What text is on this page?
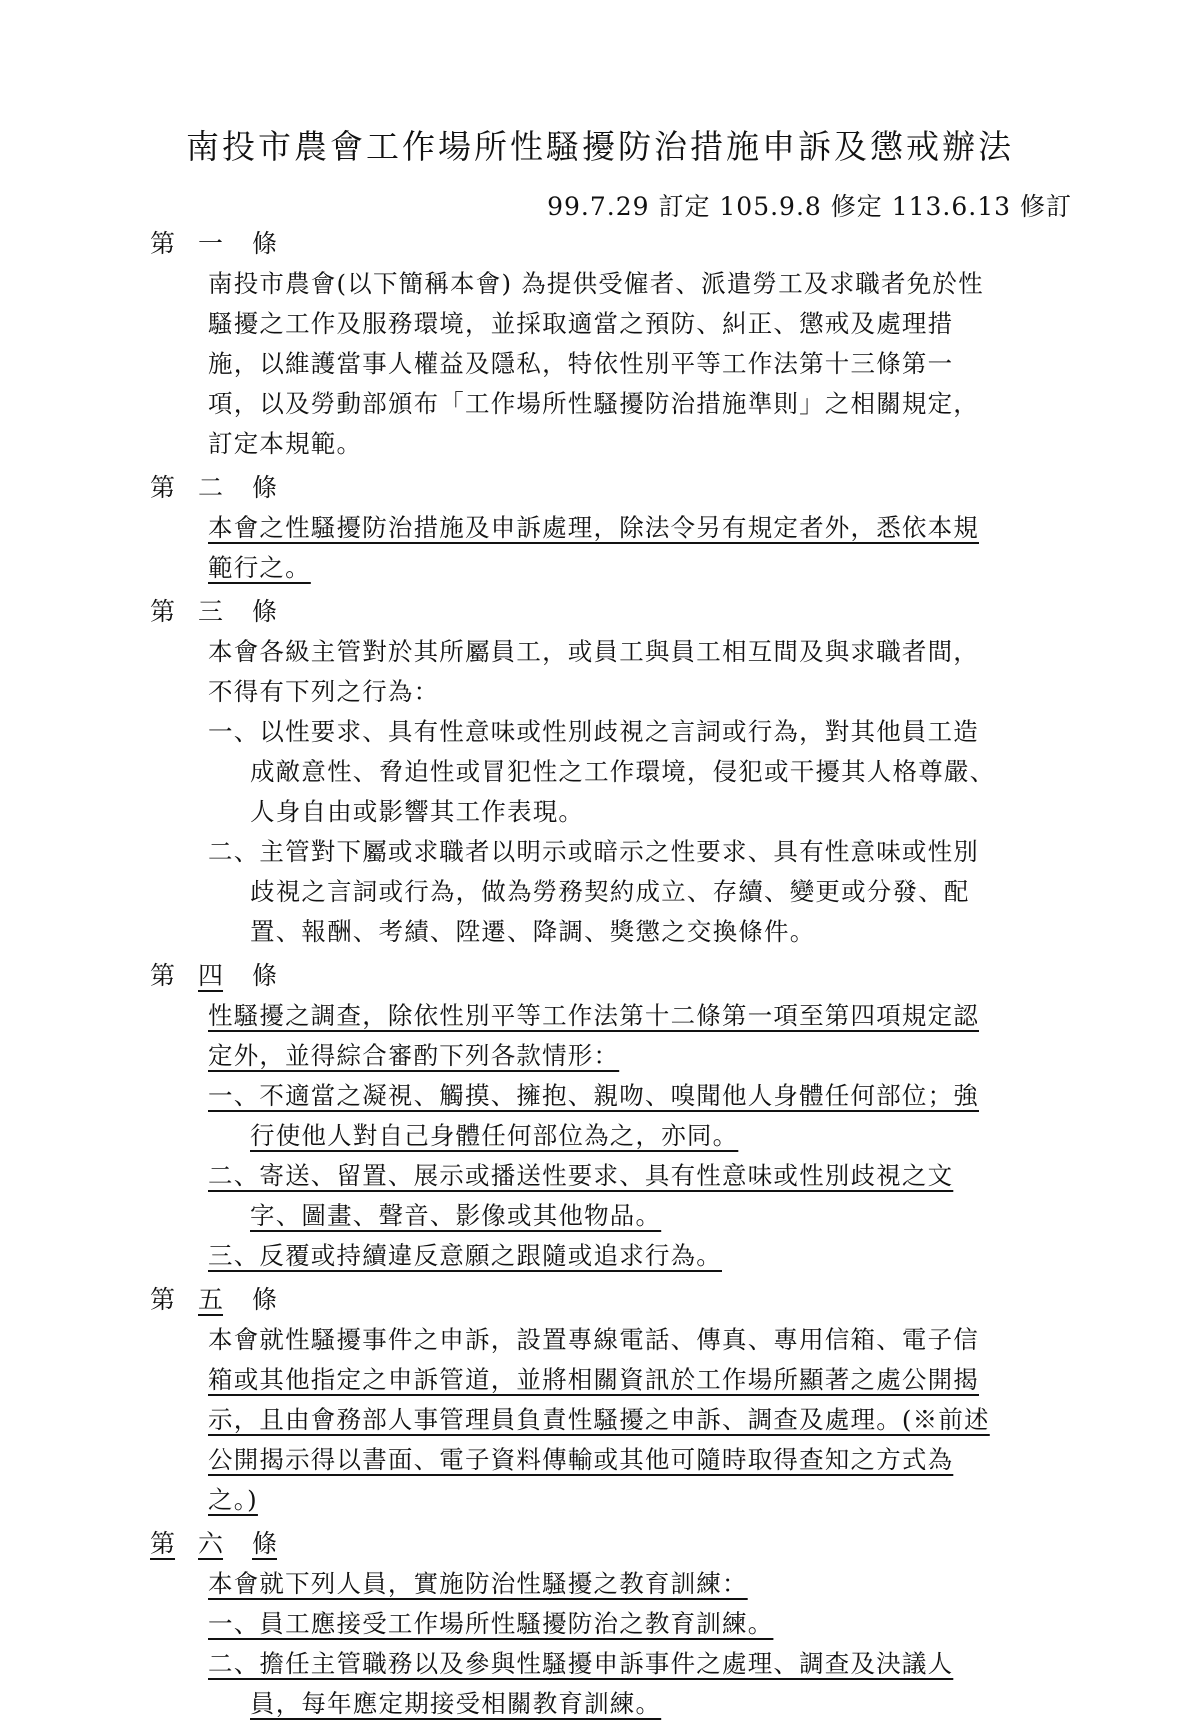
南投市農會工作場所性騷擾防治措施申訴及懲戒辦法
99.7.29 訂定 105.9.8 修定 113.6.13 修訂
第 一	條
南投市農會(以下簡稱本會) 為提供受僱者、派遣勞工及求職者免於性
騷擾之工作及服務環境，並採取適當之預防、糾正、懲戒及處理措
施，以維護當事人權益及隱私，特依性別平等工作法第十三條第一
項，以及勞動部頒布「工作場所性騷擾防治措施準則」之相關規定，
訂定本規範。
第 二	條
本會之性騷擾防治措施及申訴處理，除法令另有規定者外，悉依本規
範行之。
第 三	條
本會各級主管對於其所屬員工，或員工與員工相互間及與求職者間，
不得有下列之行為：
一、以性要求、具有性意味或性別歧視之言詞或行為，對其他員工造
成敵意性、脅迫性或冒犯性之工作環境，侵犯或干擾其人格尊嚴、
人身自由或影響其工作表現。
二、主管對下屬或求職者以明示或暗示之性要求、具有性意味或性別
歧視之言詞或行為，做為勞務契約成立、存續、變更或分發、配
置、報酬、考績、陞遷、降調、獎懲之交換條件。
第 四	條
性騷擾之調查，除依性別平等工作法第十二條第一項至第四項規定認
定外，並得綜合審酌下列各款情形：
一、不適當之凝視、觸摸、擁抱、親吻、嗅聞他人身體任何部位；強
行使他人對自己身體任何部位為之，亦同。
二、寄送、留置、展示或播送性要求、具有性意味或性別歧視之文
字、圖畫、聲音、影像或其他物品。
三、反覆或持續違反意願之跟隨或追求行為。
第 五	條
本會就性騷擾事件之申訴，設置專線電話、傳真、專用信箱、電子信
箱或其他指定之申訴管道，並將相關資訊於工作場所顯著之處公開揭
示，且由會務部人事管理員負責性騷擾之申訴、調查及處理。(※前述
公開揭示得以書面、電子資料傳輸或其他可隨時取得查知之方式為
之。)
第 六	條
本會就下列人員，實施防治性騷擾之教育訓練：
一、員工應接受工作場所性騷擾防治之教育訓練。
二、擔任主管職務以及參與性騷擾申訴事件之處理、調查及決議人
員，每年應定期接受相關教育訓練。
